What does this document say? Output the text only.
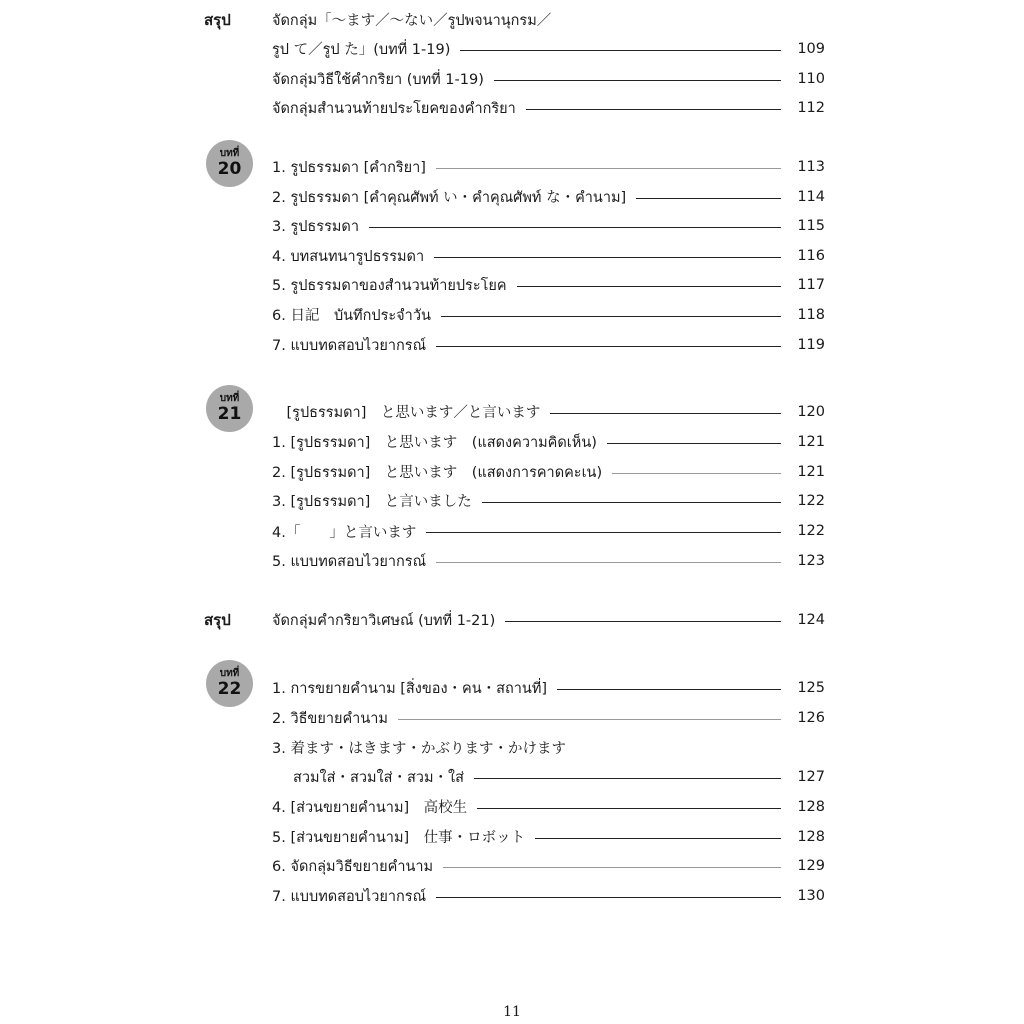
สรุป	จัดกลุ่ม「～ます／～ない／รูปพจนานุกรม／
รูป て／รูป た」(บทที่ 1-19)	109
จัดกลุ่มวิธีใช้คำกริยา (บทที่ 1-19)	110
จัดกลุ่มสำนวนท้ายประโยคของคำกริยา	112
บทที่
20 1. รูปธรรมดา [คำกริยา]	113
2. รูปธรรมดา [คำคุณศัพท์ い・คำคุณศัพท์ な・คำนาม]	114
3. รูปธรรมดา	115
4. บทสนทนารูปธรรมดา	116
5. รูปธรรมดาของสำนวนท้ายประโยค	117
6. 日記　บันทึกประจำวัน	118
7. แบบทดสอบไวยากรณ์	119
บทที่
21 　[รูปธรรมดา]　と思います／と言います	120
1. [รูปธรรมดา]　と思います　(แสดงความคิดเห็น)	121
2. [รูปธรรมดา]　と思います　(แสดงการคาดคะเน)	121
3. [รูปธรรมดา]　と言いました	122
4.「　　」と言います	122
5. แบบทดสอบไวยากรณ์	123
สรุป	จัดกลุ่มคำกริยาวิเศษณ์ (บทที่ 1-21)	124
บทที่
22 1. การขยายคำนาม [สิ่งของ・คน・สถานที่]	125
2. วิธีขยายคำนาม	126
3. 着ます・はきます・かぶります・かけます
สวมใส่・สวมใส่・สวม・ใส่	127
4. [ส่วนขยายคำนาม]　高校生	128
5. [ส่วนขยายคำนาม]　仕事・ロボット	128
6. จัดกลุ่มวิธีขยายคำนาม	129
7. แบบทดสอบไวยากรณ์	130
11
